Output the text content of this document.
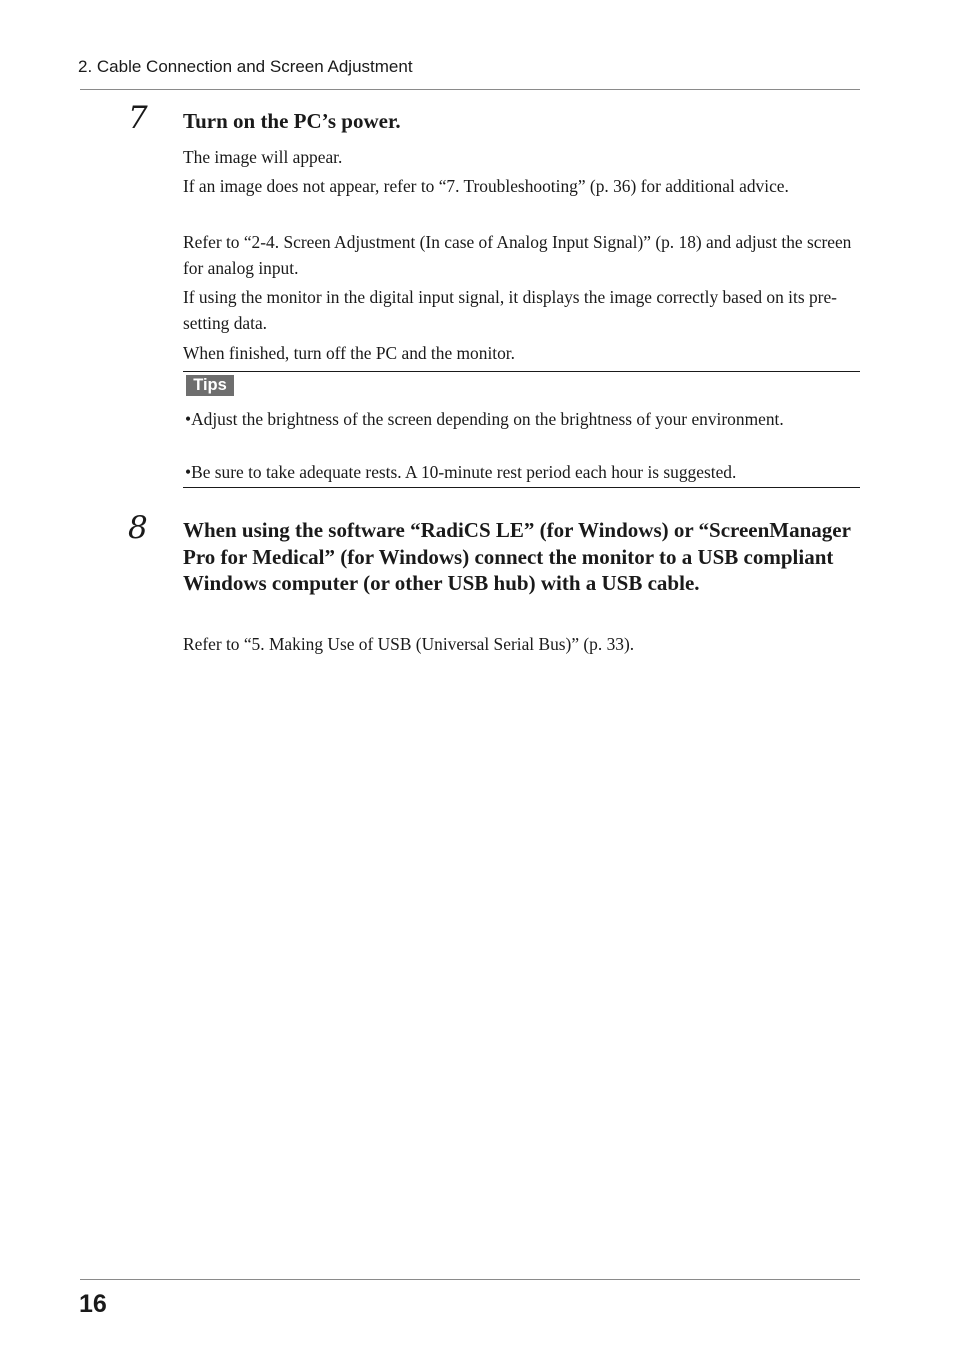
2. Cable Connection and Screen Adjustment
7 Turn on the PC’s power.

The image will appear.

If an image does not appear, refer to “7. Troubleshooting” (p. 36) for additional advice.

Refer to “2-4. Screen Adjustment (In case of Analog Input Signal)” (p. 18) and adjust the screen for analog input.

If using the monitor in the digital input signal, it displays the image correctly based on its pre-setting data.

When finished, turn off the PC and the monitor.

Tips
•Adjust the brightness of the screen depending on the brightness of your environment.
•Be sure to take adequate rests. A 10-minute rest period each hour is suggested.
8 When using the software “RadiCS LE” (for Windows) or “ScreenManager Pro for Medical” (for Windows) connect the monitor to a USB compliant Windows computer (or other USB hub) with a USB cable.

Refer to “5. Making Use of USB (Universal Serial Bus)” (p. 33).

16
